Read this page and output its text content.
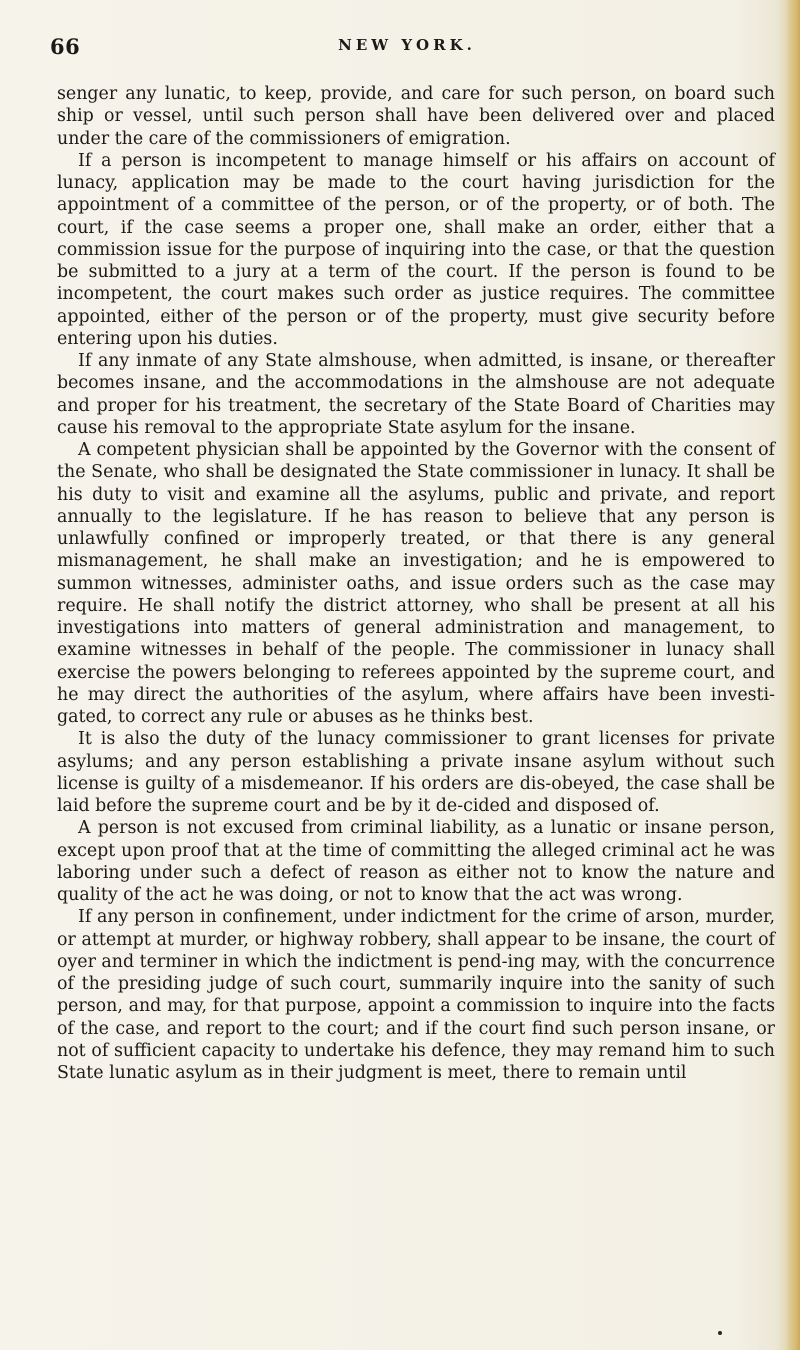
66	NEW YORK.

senger any lunatic, to keep, provide, and care for such person, on board such ship or vessel, until such person shall have been delivered over and placed under the care of the commissioners of emigration.

If a person is incompetent to manage himself or his affairs on account of lunacy, application may be made to the court having jurisdiction for the appointment of a committee of the person, or of the property, or of both. The court, if the case seems a proper one, shall make an order, either that a commission issue for the purpose of inquiring into the case, or that the question be submitted to a jury at a term of the court. If the person is found to be incompetent, the court makes such order as justice requires. The committee appointed, either of the person or of the property, must give security before entering upon his duties.

If any inmate of any State almshouse, when admitted, is insane, or thereafter becomes insane, and the accommodations in the almshouse are not adequate and proper for his treatment, the secretary of the State Board of Charities may cause his removal to the appropriate State asylum for the insane.

A competent physician shall be appointed by the Governor with the consent of the Senate, who shall be designated the State commissioner in lunacy. It shall be his duty to visit and examine all the asylums, public and private, and report annually to the legislature. If he has reason to believe that any person is unlawfully confined or improperly treated, or that there is any general mismanagement, he shall make an investigation; and he is empowered to summon witnesses, administer oaths, and issue orders such as the case may require. He shall notify the district attorney, who shall be present at all his investigations into matters of general administration and management, to examine witnesses in behalf of the people. The commissioner in lunacy shall exercise the powers belonging to referees appointed by the supreme court, and he may direct the authorities of the asylum, where affairs have been investi-gated, to correct any rule or abuses as he thinks best.

It is also the duty of the lunacy commissioner to grant licenses for private asylums; and any person establishing a private insane asylum without such license is guilty of a misdemeanor. If his orders are dis-obeyed, the case shall be laid before the supreme court and be by it de-cided and disposed of.

A person is not excused from criminal liability, as a lunatic or insane person, except upon proof that at the time of committing the alleged criminal act he was laboring under such a defect of reason as either not to know the nature and quality of the act he was doing, or not to know that the act was wrong.

If any person in confinement, under indictment for the crime of arson, murder, or attempt at murder, or highway robbery, shall appear to be insane, the court of oyer and terminer in which the indictment is pend-ing may, with the concurrence of the presiding judge of such court, summarily inquire into the sanity of such person, and may, for that purpose, appoint a commission to inquire into the facts of the case, and report to the court; and if the court find such person insane, or not of sufficient capacity to undertake his defence, they may remand him to such State lunatic asylum as in their judgment is meet, there to remain until
